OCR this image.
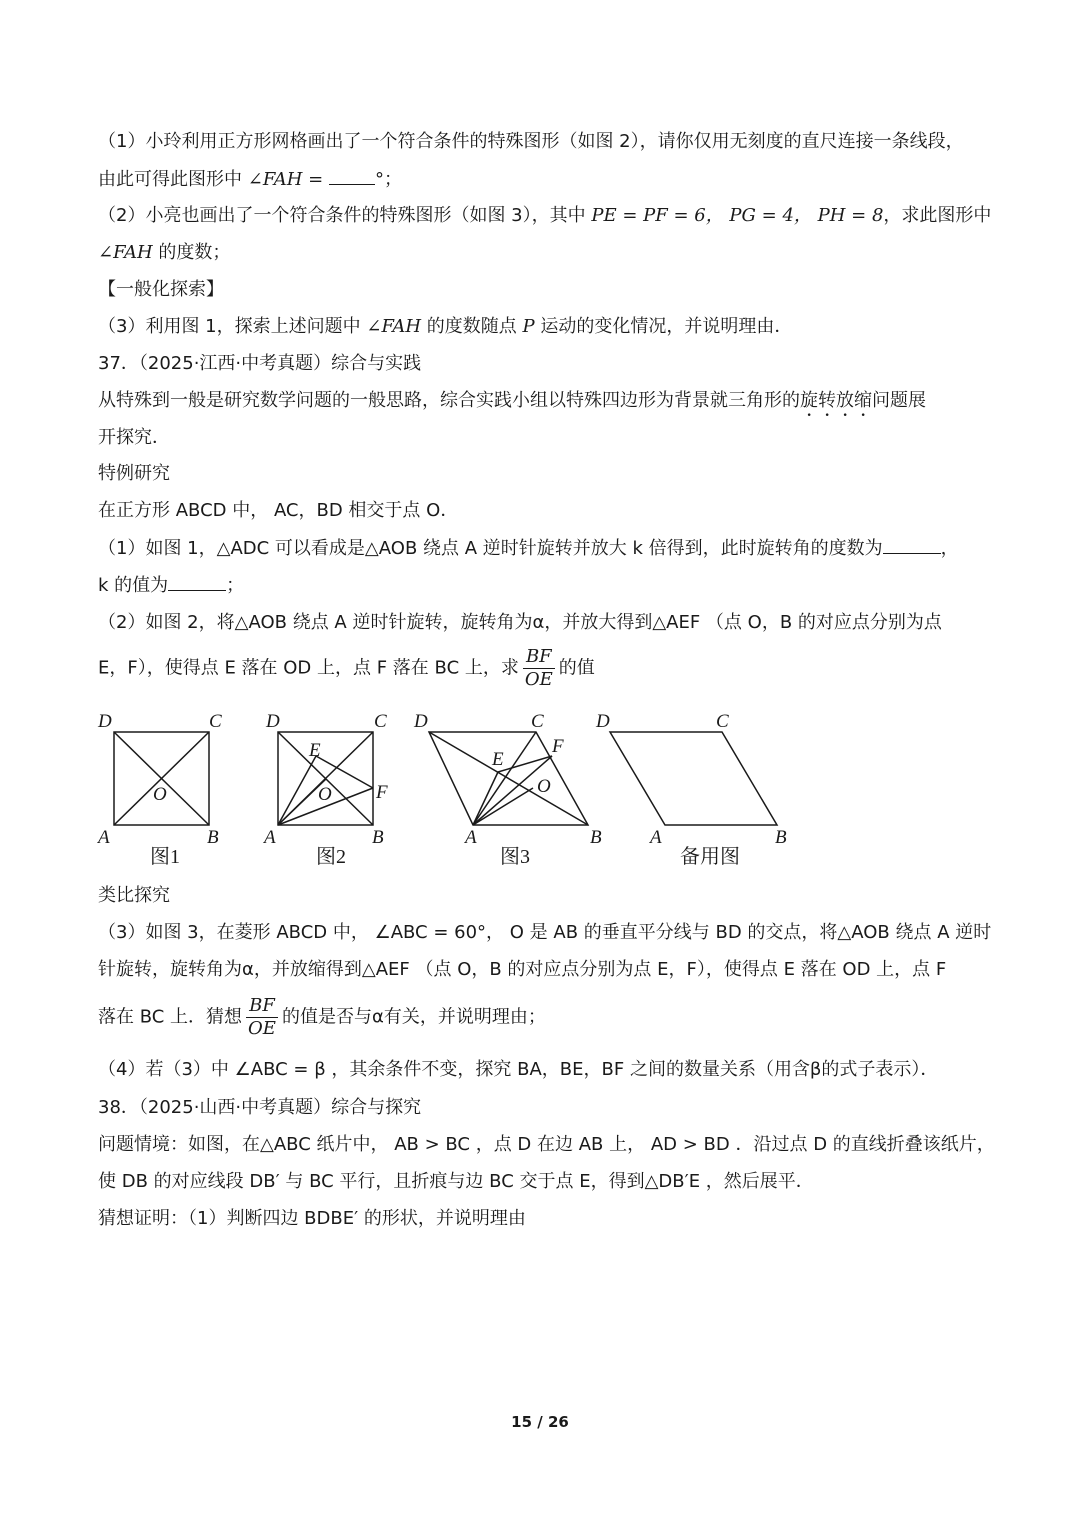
（1）小玲利用正方形网格画出了一个符合条件的特殊图形（如图 2），请你仅用无刻度的直尺连接一条线段，
由此可得此图形中 ∠FAH =	°；
（2）小亮也画出了一个符合条件的特殊图形（如图 3），其中 PE = PF = 6， PG = 4， PH = 8，求此图形中
∠FAH 的度数；
【一般化探索】
（3）利用图 1，探索上述问题中 ∠FAH 的度数随点 P 运动的变化情况，并说明理由．
37．（2025·江西·中考真题）综合与实践
从特殊到一般是研究数学问题的一般思路，综合实践小组以特殊四边形为背景就三角形的旋转放缩问题展
开探究．
特例研究
在正方形 ABCD 中， AC，BD 相交于点 O．
（1）如图 1，△ADC 可以看成是△AOB 绕点 A 逆时针旋转并放大 k 倍得到，此时旋转角的度数为	，
k 的值为	；
（2）如图 2，将△AOB 绕点 A 逆时针旋转，旋转角为α，并放大得到△AEF （点 O，B 的对应点分别为点
E，F），使得点 E 落在 OD 上，点 F 落在 BC 上，求 $\frac{BF}{OE}$ 的值
D	C
A	B
O
图1
D	C
A	B
E
O F
图2
D	C
A	B
E
F
O
图3
D	C
A	B
备用图
类比探究
（3）如图 3，在菱形 ABCD 中， ∠ABC = 60°， O 是 AB 的垂直平分线与 BD 的交点，将△AOB 绕点 A 逆时
针旋转，旋转角为α，并放缩得到△AEF （点 O，B 的对应点分别为点 E，F），使得点 E 落在 OD 上，点 F
落在 BC 上．猜想 $\frac{BF}{OE}$ 的值是否与α有关，并说明理由；
（4）若（3）中 ∠ABC = β ，其余条件不变，探究 BA，BE，BF 之间的数量关系（用含β的式子表示）．
38．（2025·山西·中考真题）综合与探究
问题情境：如图，在△ABC 纸片中， AB > BC ，点 D 在边 AB 上， AD > BD ．沿过点 D 的直线折叠该纸片，
使 DB 的对应线段 DB′ 与 BC 平行，且折痕与边 BC 交于点 E，得到△DB′E ，然后展平．
猜想证明：（1）判断四边 BDBE′ 的形状，并说明理由
15 / 26
